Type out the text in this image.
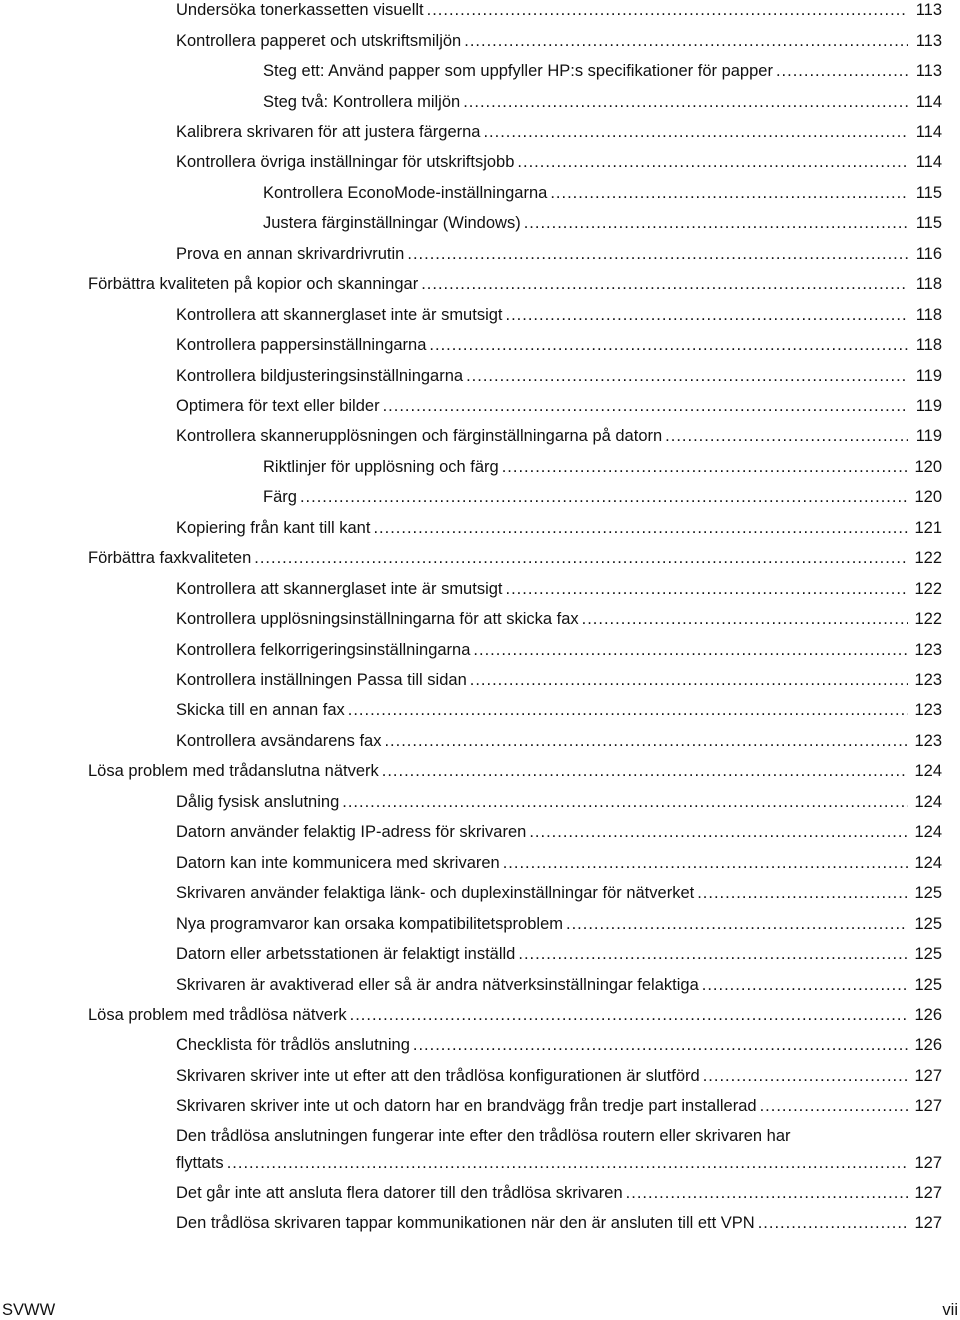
Undersöka tonerkassetten visuellt .....	113
Kontrollera papperet och utskriftsmiljön .....	113
Steg ett: Använd papper som uppfyller HP:s specifikationer för papper .....	113
Steg två: Kontrollera miljön .....	114
Kalibrera skrivaren för att justera färgerna .....	114
Kontrollera övriga inställningar för utskriftsjobb .....	114
Kontrollera EconoMode-inställningarna .....	115
Justera färginställningar (Windows) .....	115
Prova en annan skrivardrivrutin .....	116
Förbättra kvaliteten på kopior och skanningar .....	118
Kontrollera att skannerglaset inte är smutsigt .....	118
Kontrollera pappersinställningarna .....	118
Kontrollera bildjusteringsinställningarna .....	119
Optimera för text eller bilder .....	119
Kontrollera skannerupplösningen och färginställningarna på datorn .....	119
Riktlinjer för upplösning och färg .....	120
Färg .....	120
Kopiering från kant till kant .....	121
Förbättra faxkvaliteten .....	122
Kontrollera att skannerglaset inte är smutsigt .....	122
Kontrollera upplösningsinställningarna för att skicka fax .....	122
Kontrollera felkorrigeringsinställningarna .....	123
Kontrollera inställningen Passa till sidan .....	123
Skicka till en annan fax .....	123
Kontrollera avsändarens fax .....	123
Lösa problem med trådanslutna nätverk .....	124
Dålig fysisk anslutning .....	124
Datorn använder felaktig IP-adress för skrivaren .....	124
Datorn kan inte kommunicera med skrivaren .....	124
Skrivaren använder felaktiga länk- och duplexinställningar för nätverket .....	125
Nya programvaror kan orsaka kompatibilitetsproblem .....	125
Datorn eller arbetsstationen är felaktigt inställd .....	125
Skrivaren är avaktiverad eller så är andra nätverksinställningar felaktiga .....	125
Lösa problem med trådlösa nätverk .....	126
Checklista för trådlös anslutning .....	126
Skrivaren skriver inte ut efter att den trådlösa konfigurationen är slutförd .....	127
Skrivaren skriver inte ut och datorn har en brandvägg från tredje part installerad .....	127
Den trådlösa anslutningen fungerar inte efter den trådlösa routern eller skrivaren har
flyttats .....	127
Det går inte att ansluta flera datorer till den trådlösa skrivaren .....	127
Den trådlösa skrivaren tappar kommunikationen när den är ansluten till ett VPN .....	127
SVWW	vii
